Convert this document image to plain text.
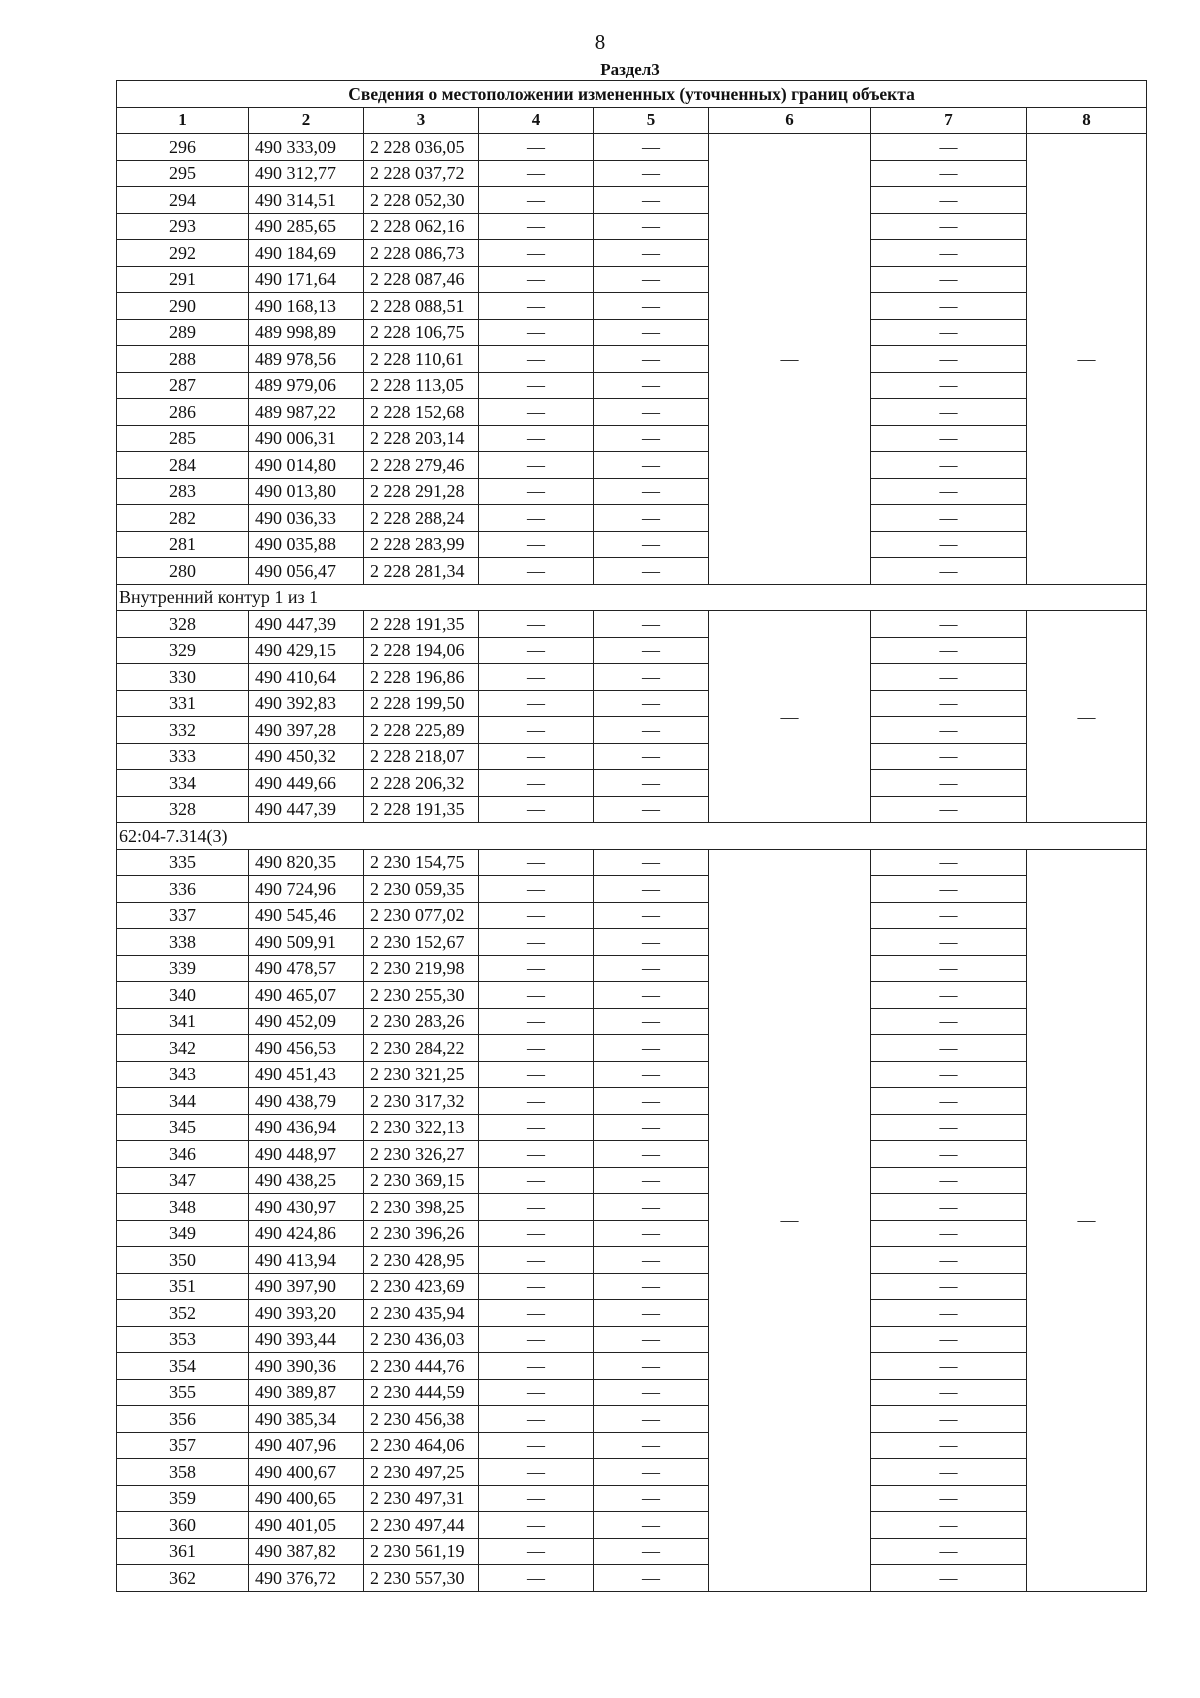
8
Раздел3
Сведения о местоположении измененных (уточненных) границ объекта							
1	2	3	4	5	6	7	8
296	490 333,09	2 228 036,05	—	—	—	—	—
295	490 312,77	2 228 037,72	—	—		—	
294	490 314,51	2 228 052,30	—	—		—	
293	490 285,65	2 228 062,16	—	—		—	
292	490 184,69	2 228 086,73	—	—		—	
291	490 171,64	2 228 087,46	—	—		—	
290	490 168,13	2 228 088,51	—	—		—	
289	489 998,89	2 228 106,75	—	—		—	
288	489 978,56	2 228 110,61	—	—		—	
287	489 979,06	2 228 113,05	—	—		—	
286	489 987,22	2 228 152,68	—	—		—	
285	490 006,31	2 228 203,14	—	—		—	
284	490 014,80	2 228 279,46	—	—		—	
283	490 013,80	2 228 291,28	—	—		—	
282	490 036,33	2 228 288,24	—	—		—	
281	490 035,88	2 228 283,99	—	—		—	
280	490 056,47	2 228 281,34	—	—		—	
Внутренний контур 1 из 1							
328	490 447,39	2 228 191,35	—	—	—	—	—
329	490 429,15	2 228 194,06	—	—		—	
330	490 410,64	2 228 196,86	—	—		—	
331	490 392,83	2 228 199,50	—	—		—	
332	490 397,28	2 228 225,89	—	—		—	
333	490 450,32	2 228 218,07	—	—		—	
334	490 449,66	2 228 206,32	—	—		—	
328	490 447,39	2 228 191,35	—	—		—	
62:04-7.314(3)							
335	490 820,35	2 230 154,75	—	—	—	—	—
336	490 724,96	2 230 059,35	—	—		—	
337	490 545,46	2 230 077,02	—	—		—	
338	490 509,91	2 230 152,67	—	—		—	
339	490 478,57	2 230 219,98	—	—		—	
340	490 465,07	2 230 255,30	—	—		—	
341	490 452,09	2 230 283,26	—	—		—	
342	490 456,53	2 230 284,22	—	—		—	
343	490 451,43	2 230 321,25	—	—		—	
344	490 438,79	2 230 317,32	—	—		—	
345	490 436,94	2 230 322,13	—	—		—	
346	490 448,97	2 230 326,27	—	—		—	
347	490 438,25	2 230 369,15	—	—		—	
348	490 430,97	2 230 398,25	—	—		—	
349	490 424,86	2 230 396,26	—	—		—	
350	490 413,94	2 230 428,95	—	—		—	
351	490 397,90	2 230 423,69	—	—		—	
352	490 393,20	2 230 435,94	—	—		—	
353	490 393,44	2 230 436,03	—	—		—	
354	490 390,36	2 230 444,76	—	—		—	
355	490 389,87	2 230 444,59	—	—		—	
356	490 385,34	2 230 456,38	—	—		—	
357	490 407,96	2 230 464,06	—	—		—	
358	490 400,67	2 230 497,25	—	—		—	
359	490 400,65	2 230 497,31	—	—		—	
360	490 401,05	2 230 497,44	—	—		—	
361	490 387,82	2 230 561,19	—	—		—	
362	490 376,72	2 230 557,30	—	—		—	
